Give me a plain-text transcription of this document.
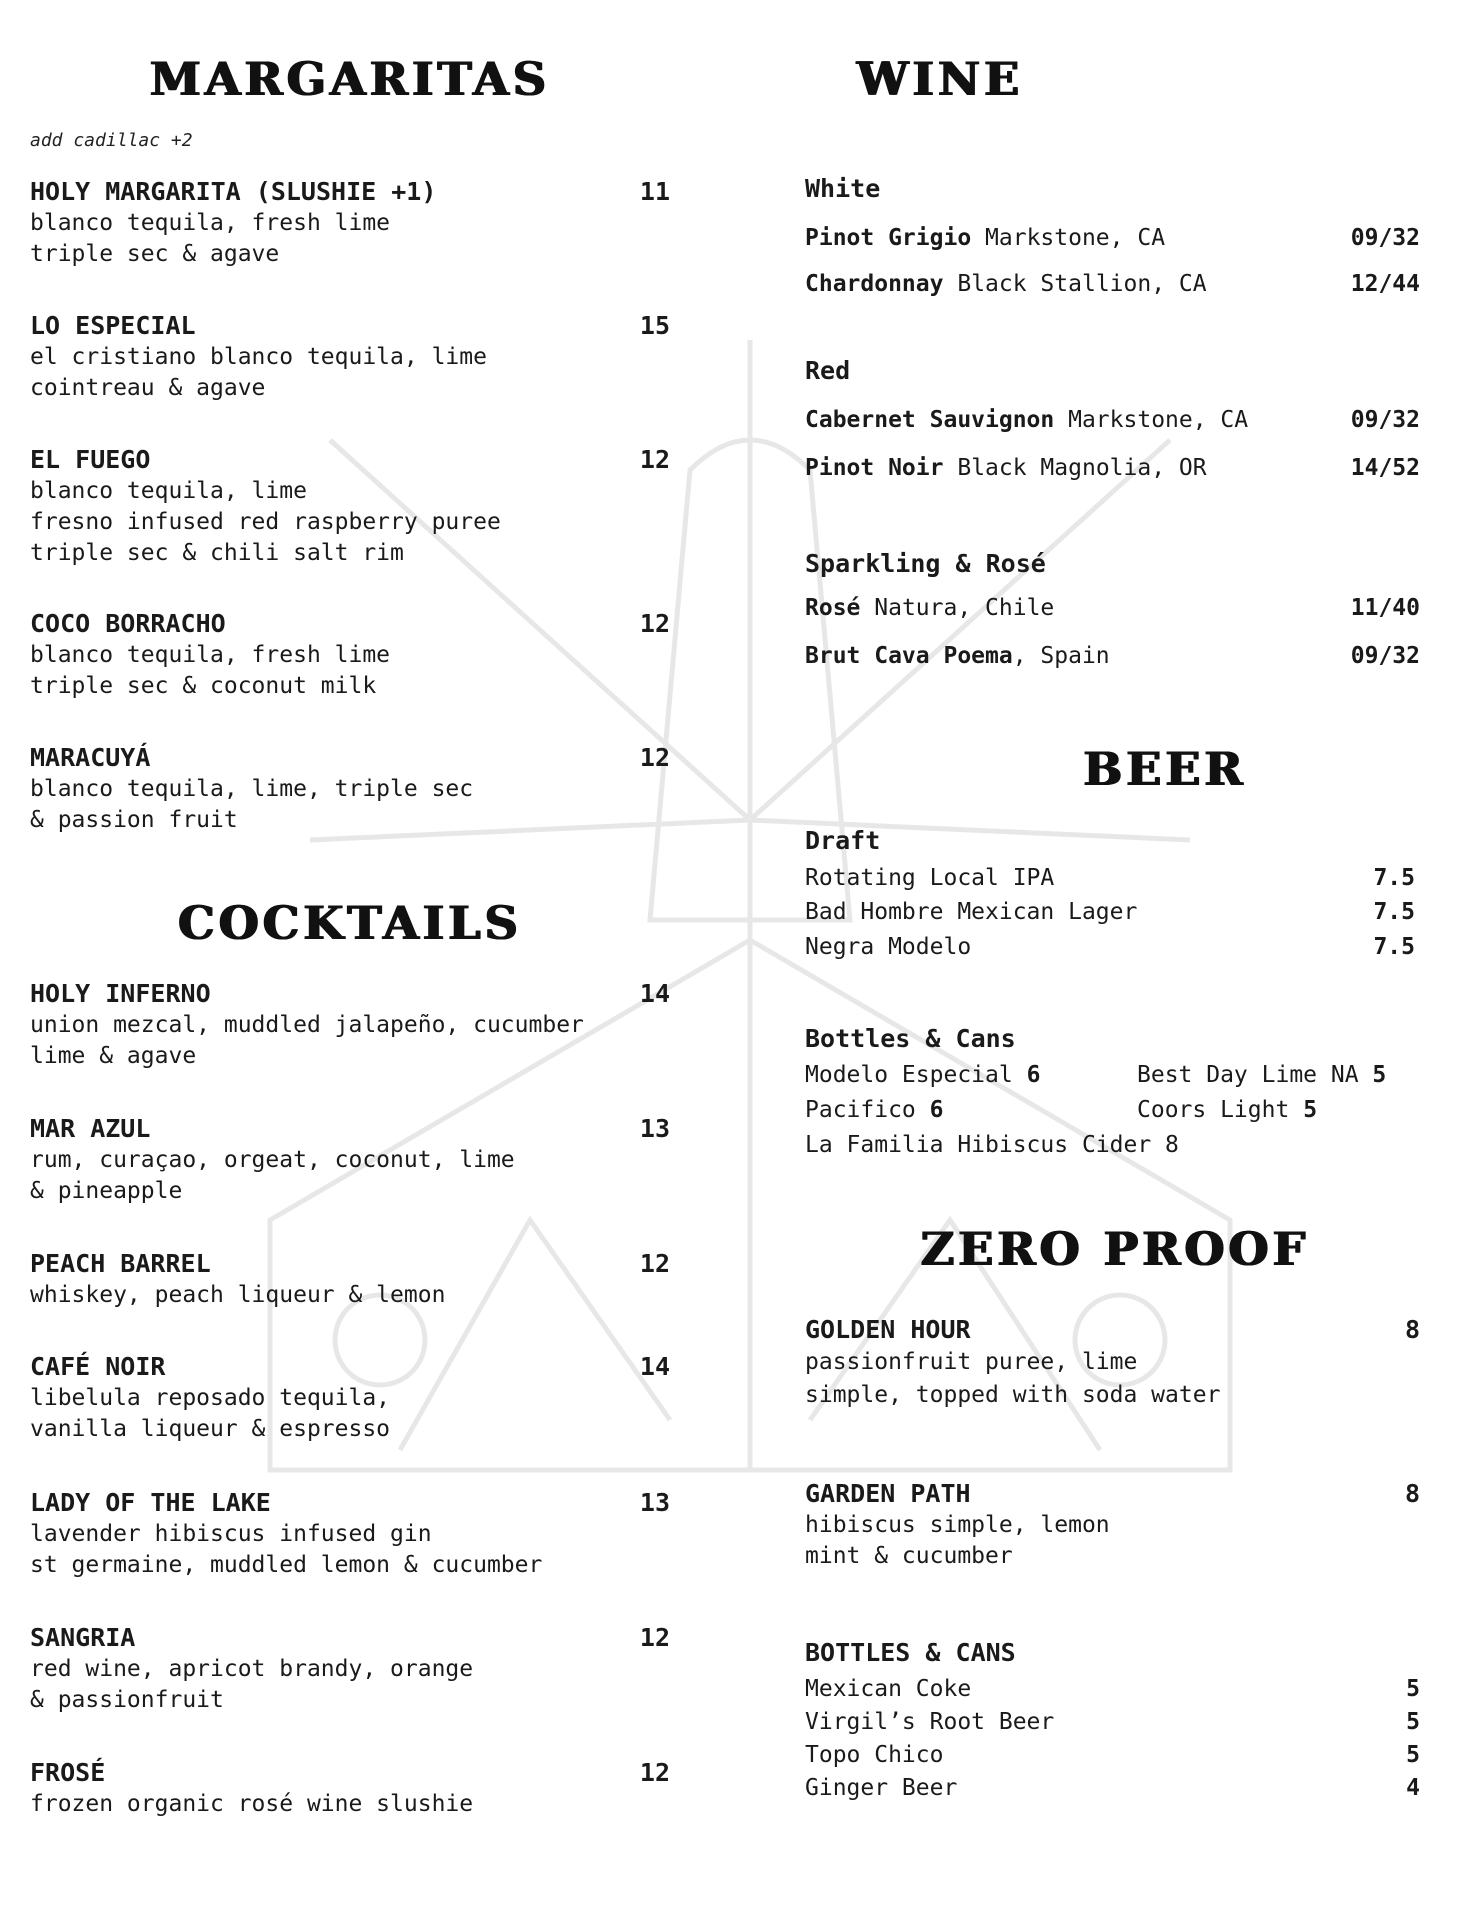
MARGARITAS
add cadillac +2
HOLY MARGARITA (SLUSHIE +1)	11
blanco tequila, fresh lime
triple sec & agave
LO ESPECIAL	15
el cristiano blanco tequila, lime
cointreau & agave
EL FUEGO	12
blanco tequila, lime
fresno infused red raspberry puree
triple sec & chili salt rim
COCO BORRACHO	12
blanco tequila, fresh lime
triple sec & coconut milk
MARACUYÁ	12
blanco tequila, lime, triple sec
& passion fruit
COCKTAILS
HOLY INFERNO	14
union mezcal, muddled jalapeño, cucumber
lime & agave
MAR AZUL	13
rum, curaçao, orgeat, coconut, lime
& pineapple
PEACH BARREL	12
whiskey, peach liqueur & lemon
CAFÉ NOIR	14
libelula reposado tequila,
vanilla liqueur & espresso
LADY OF THE LAKE	13
lavender hibiscus infused gin
st germaine, muddled lemon & cucumber
SANGRIA	12
red wine, apricot brandy, orange
& passionfruit
FROSÉ	12
frozen organic rosé wine slushie
WINE
White
Pinot Grigio Markstone, CA	09/32
Chardonnay Black Stallion, CA	12/44
Red
Cabernet Sauvignon Markstone, CA	09/32
Pinot Noir Black Magnolia, OR	14/52
Sparkling & Rosé
Rosé Natura, Chile	11/40
Brut Cava Poema, Spain	09/32
BEER
Draft
Rotating Local IPA	7.5
Bad Hombre Mexican Lager	7.5
Negra Modelo	7.5
Bottles & Cans
Modelo Especial 6	Best Day Lime NA 5
Pacifico 6	Coors Light 5
La Familia Hibiscus Cider 8
ZERO PROOF
GOLDEN HOUR	8
passionfruit puree, lime
simple, topped with soda water
GARDEN PATH	8
hibiscus simple, lemon
mint & cucumber
BOTTLES & CANS
Mexican Coke	5
Virgil’s Root Beer	5
Topo Chico	5
Ginger Beer	4
